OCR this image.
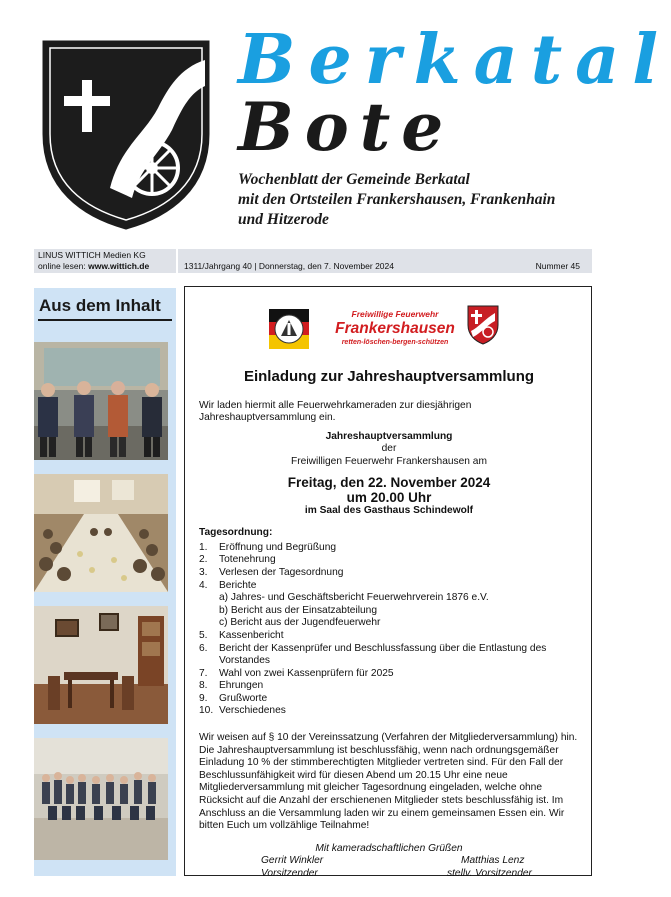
Berkatal
Bote
Wochenblatt der Gemeinde Berkatal
mit den Ortsteilen Frankershausen, Frankenhain
und Hitzerode
LINUS WITTICH Medien KG
online lesen: www.wittich.de	1311/Jahrgang 40 | Donnerstag, den 7. November 2024	Nummer 45
Aus dem Inhalt	Freiwillige Feuerwehr
Frankershausen
retten-löschen-bergen-schützen
Einladung zur Jahreshauptversammlung
Wir laden hiermit alle Feuerwehrkameraden zur diesjährigen Jahreshauptversammlung ein.
Jahreshauptversammlung
der
Freiwilligen Feuerwehr Frankershausen am
Freitag, den 22. November 2024
um 20.00 Uhr
im Saal des Gasthaus Schindewolf
Tagesordnung:
1. Eröffnung und Begrüßung
2. Totenehrung
3. Verlesen der Tagesordnung
4. Berichte
a) Jahres- und Geschäftsbericht Feuerwehrverein 1876 e.V.
b) Bericht aus der Einsatzabteilung
c) Bericht aus der Jugendfeuerwehr
5. Kassenbericht
6. Bericht der Kassenprüfer und Beschlussfassung über die Entlastung des Vorstandes
7. Wahl von zwei Kassenprüfern für 2025
8. Ehrungen
9. Grußworte
10. Verschiedenes
Wir weisen auf § 10 der Vereinssatzung (Verfahren der Mitgliederversammlung) hin. Die Jahreshauptversammlung ist beschlussfähig, wenn nach ordnungsgemäßer Einladung 10 % der stimmberechtigten Mitglieder vertreten sind. Für den Fall der Beschlussunfähigkeit wird für diesen Abend um 20.15 Uhr eine neue Mitgliederversammlung mit gleicher Tagesordnung eingeladen, welche ohne Rücksicht auf die Anzahl der erschienenen Mitglieder stets beschlussfähig ist. Im Anschluss an die Versammlung laden wir zu einem gemeinsamen Essen ein. Wir bitten Euch um vollzählige Teilnahme!
Mit kameradschaftlichen Grüßen
Gerrit Winkler
Vorsitzender
Matthias Lenz
stellv. Vorsitzender
